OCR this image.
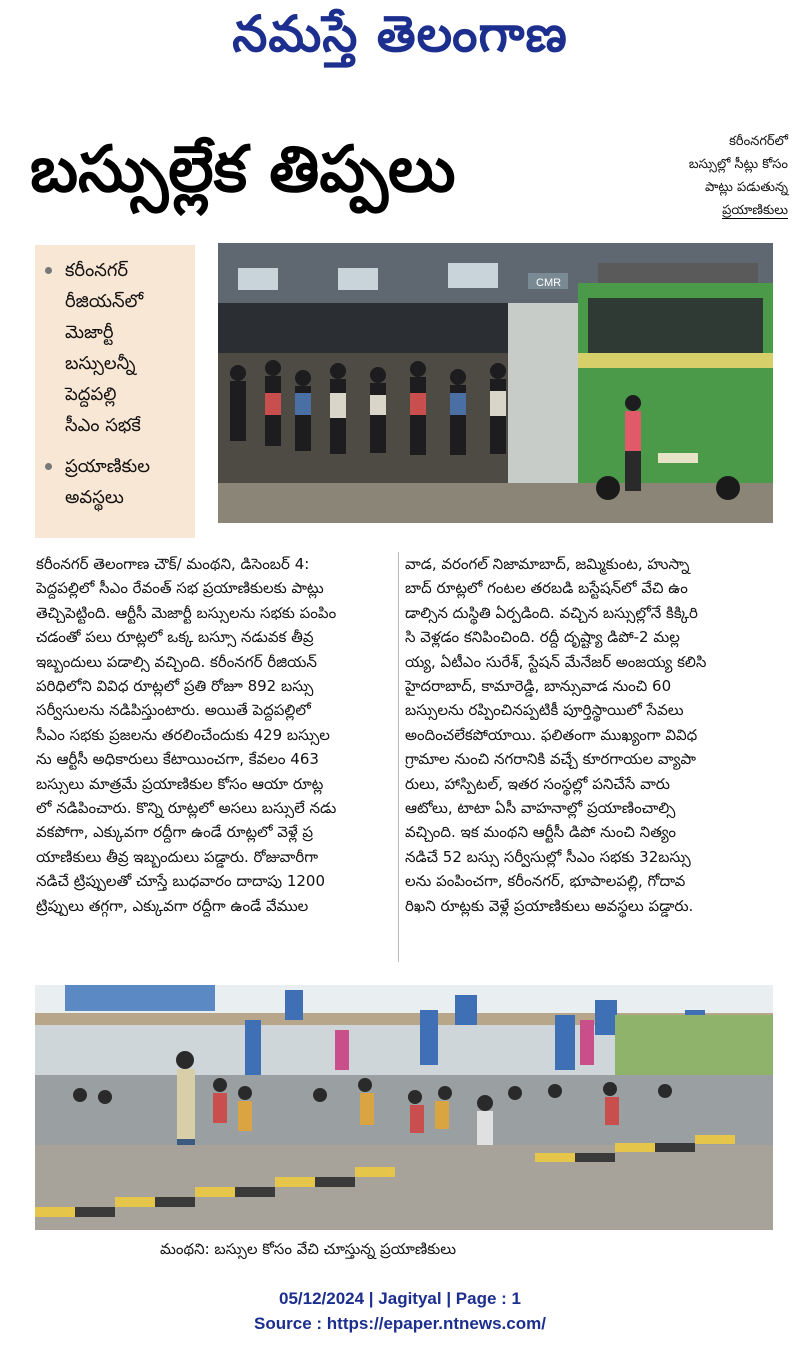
నమస్తే తెలంగాణ
బస్సుల్లేక తిప్పలు	కరీంనగర్‌లో
బస్సుల్లో సీట్లు కోసం
పాట్లు పడుతున్న
ప్రయాణికులు
కరీంనగర్
రీజియన్‌లో
మెజార్టీ
బస్సులన్నీ
పెద్దపల్లి
సీఎం సభకే
ప్రయాణికుల
అవస్థలు
CMR
కరీంనగర్ తెలంగాణ చౌక్/ మంథని, డిసెంబర్ 4:
పెద్దపల్లిలో సీఎం రేవంత్ సభ ప్రయాణికులకు పాట్లు
తెచ్చిపెట్టింది. ఆర్టీసీ మెజార్టీ బస్సులను సభకు పంపిం
చడంతో పలు రూట్లలో ఒక్క బస్సూ నడువక తీవ్ర
ఇబ్బందులు పడాల్సి వచ్చింది. కరీంనగర్ రీజియన్
పరిధిలోని వివిధ రూట్లలో ప్రతి రోజూ 892 బస్సు
సర్వీసులను నడిపిస్తుంటారు. అయితే పెద్దపల్లిలో
సీఎం సభకు ప్రజలను తరలించేందుకు 429 బస్సుల
ను ఆర్టీసీ అధికారులు కేటాయించగా, కేవలం 463
బస్సులు మాత్రమే ప్రయాణికుల కోసం ఆయా రూట్ల
లో నడిపించారు. కొన్ని రూట్లలో అసలు బస్సులే నడు
వకపోగా, ఎక్కువగా రద్దీగా ఉండే రూట్లలో వెళ్లే ప్ర
యాణికులు తీవ్ర ఇబ్బందులు పడ్డారు. రోజువారీగా
నడిచే ట్రిప్పులతో చూస్తే బుధవారం దాదాపు 1200
ట్రిప్పులు తగ్గగా, ఎక్కువగా రద్దీగా ఉండే వేముల
వాడ, వరంగల్ నిజామాబాద్, జమ్మికుంట, హుస్నా
బాద్ రూట్లలో గంటల తరబడి బస్టేషన్‌లో వేచి ఉం
డాల్సిన దుస్థితి ఏర్పడింది. వచ్చిన బస్సుల్లోనే కిక్కిరి
సి వెళ్లడం కనిపించింది. రద్దీ దృష్ట్యా డిపో-2 మల్ల
య్య, ఏటీఎం సురేశ్, స్టేషన్ మేనేజర్ అంజయ్య కలిసి
హైదరాబాద్, కామారెడ్డి, బాన్సువాడ నుంచి 60
బస్సులను రప్పించినప్పటికీ పూర్తిస్థాయిలో సేవలు
అందించలేకపోయాయి. ఫలితంగా ముఖ్యంగా వివిధ
గ్రామాల నుంచి నగరానికి వచ్చే కూరగాయల వ్యాపా
రులు, హాస్పిటల్, ఇతర సంస్థల్లో పనిచేసే వారు
ఆటోలు, టాటా ఏసీ వాహనాల్లో ప్రయాణించాల్సి
వచ్చింది. ఇక మంథని ఆర్టీసీ డిపో నుంచి నిత్యం
నడిచే 52 బస్సు సర్వీసుల్లో సీఎం సభకు 32బస్సు
లను పంపించగా, కరీంనగర్, భూపాలపల్లి, గోదావ
రిఖని రూట్లకు వెళ్లే ప్రయాణికులు అవస్థలు పడ్డారు.
మంథని: బస్సుల కోసం వేచి చూస్తున్న ప్రయాణికులు
05/12/2024 | Jagityal | Page : 1
Source : https://epaper.ntnews.com/
